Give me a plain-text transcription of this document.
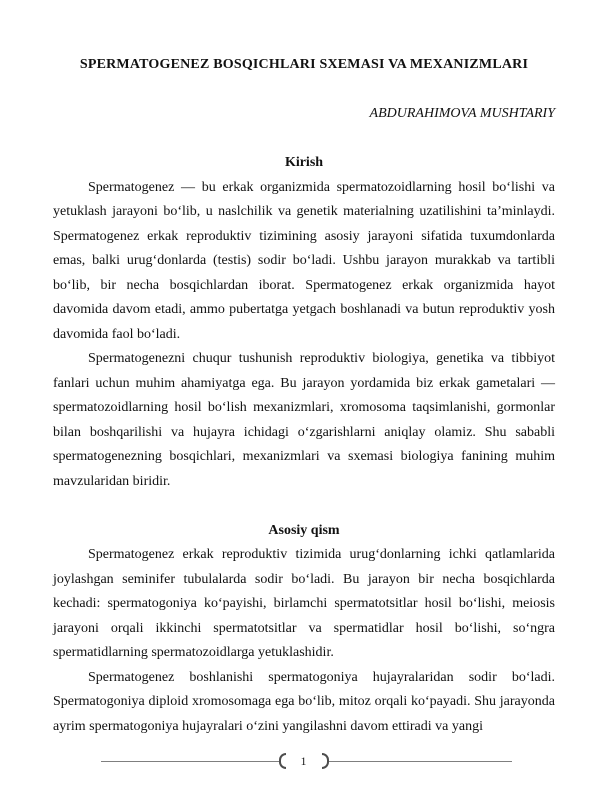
SPERMATOGENEZ BOSQICHLARI SXEMASI VA MEXANIZMLARI
ABDURAHIMOVA MUSHTARIY
Kirish

Spermatogenez — bu erkak organizmida spermatozoidlarning hosil bo‘lishi va yetuklash jarayoni bo‘lib, u naslchilik va genetik materialning uzatilishini ta’minlaydi. Spermatogenez erkak reproduktiv tizimining asosiy jarayoni sifatida tuxumdonlarda emas, balki urug‘donlarda (testis) sodir bo‘ladi. Ushbu jarayon murakkab va tartibli bo‘lib, bir necha bosqichlardan iborat. Spermatogenez erkak organizmida hayot davomida davom etadi, ammo pubertatga yetgach boshlanadi va butun reproduktiv yosh davomida faol bo‘ladi.

Spermatogenezni chuqur tushunish reproduktiv biologiya, genetika va tibbiyot fanlari uchun muhim ahamiyatga ega. Bu jarayon yordamida biz erkak gametalari — spermatozoidlarning hosil bo‘lish mexanizmlari, xromosoma taqsimlanishi, gormonlar bilan boshqarilishi va hujayra ichidagi o‘zgarishlarni aniqlay olamiz. Shu sababli spermatogenezning bosqichlari, mexanizmlari va sxemasi biologiya fanining muhim mavzularidan biridir.

Asosiy qism

Spermatogenez erkak reproduktiv tizimida urug‘donlarning ichki qatlamlarida joylashgan seminifer tubulalarda sodir bo‘ladi. Bu jarayon bir necha bosqichlarda kechadi: spermatogoniya ko‘payishi, birlamchi spermatotsitlar hosil bo‘lishi, meiosis jarayoni orqali ikkinchi spermatotsitlar va spermatidlar hosil bo‘lishi, so‘ngra spermatidlarning spermatozoidlarga yetuklashidir.

Spermatogenez boshlanishi spermatogoniya hujayralaridan sodir bo‘ladi. Spermatogoniya diploid xromosomaga ega bo‘lib, mitoz orqali ko‘payadi. Shu jarayonda ayrim spermatogoniya hujayralari o‘zini yangilashni davom ettiradi va yangi

1
